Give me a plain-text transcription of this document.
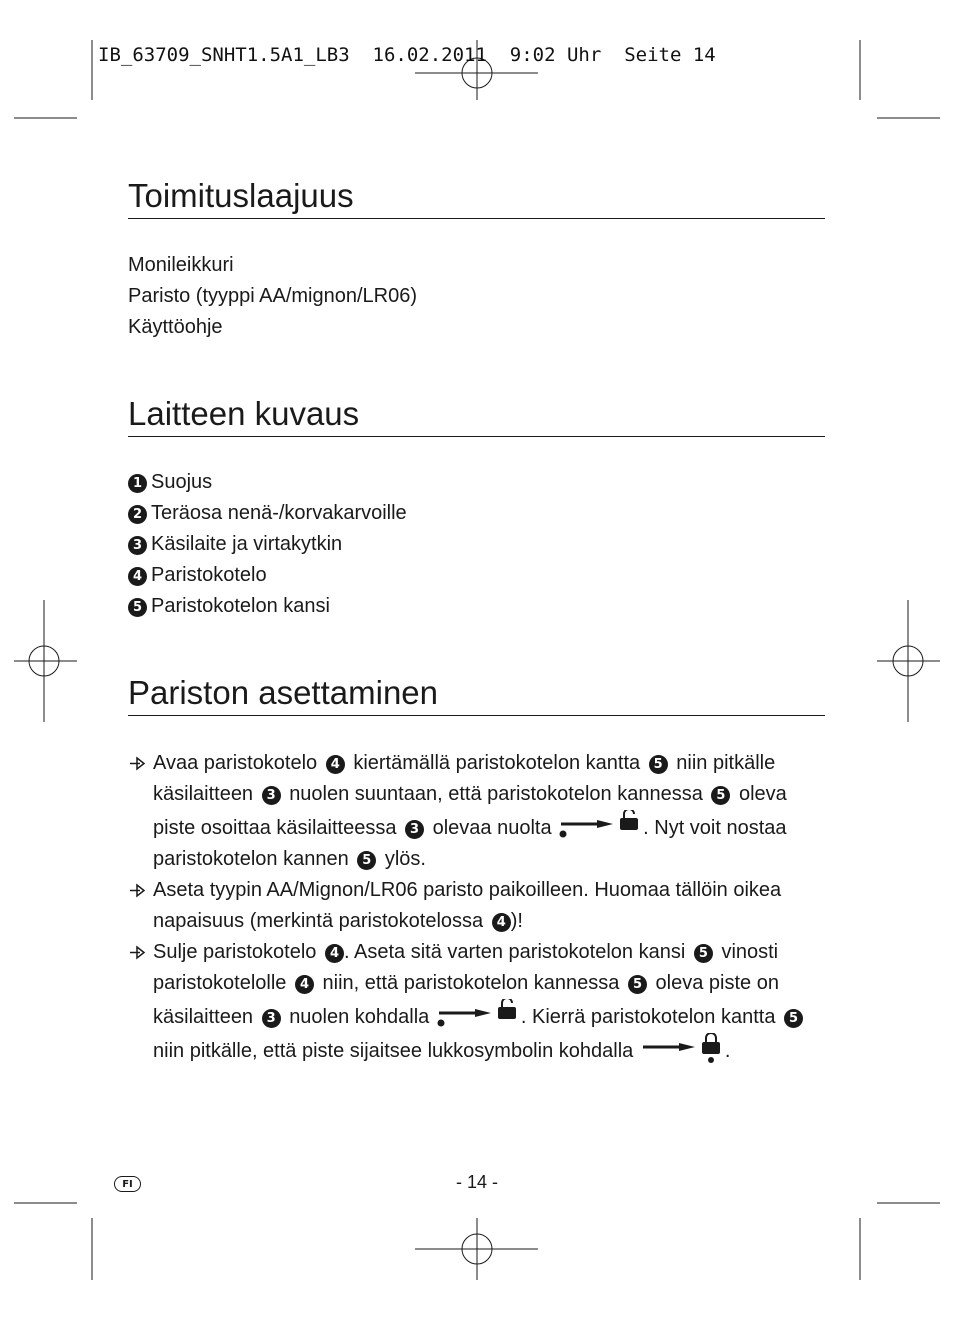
IB_63709_SNHT1.5A1_LB3  16.02.2011  9:02 Uhr  Seite 14
Toimituslaajuus
Monileikkuri
Paristo (tyyppi AA/mignon/LR06)
Käyttöohje
Laitteen kuvaus
1 Suojus
2 Teräosa nenä-/korvakarvoille
3 Käsilaite ja virtakytkin
4 Paristokotelo
5 Paristokotelon kansi
Pariston asettaminen
Avaa paristokotelo 4 kiertämällä paristokotelon kantta 5 niin pitkälle käsilaitteen 3 nuolen suuntaan, että paristokotelon kannessa 5 oleva piste osoittaa käsilaitteessa 3 olevaa nuolta	. Nyt voit nostaa paristokotelon kannen 5 ylös.
Aseta tyypin AA/Mignon/LR06 paristo paikoilleen. Huomaa tällöin oikea napaisuus (merkintä paristokotelossa 4 )!
Sulje paristokotelo 4 . Aseta sitä varten paristokotelon kansi 5 vinosti paristokotelolle 4 niin, että paristokotelon kannessa 5 oleva piste on käsilaitteen 3 nuolen kohdalla	. Kierrä paristokotelon kantta 5 niin pitkälle, että piste sijaitsee lukkosymbolin kohdalla	.
FI	- 14 -
